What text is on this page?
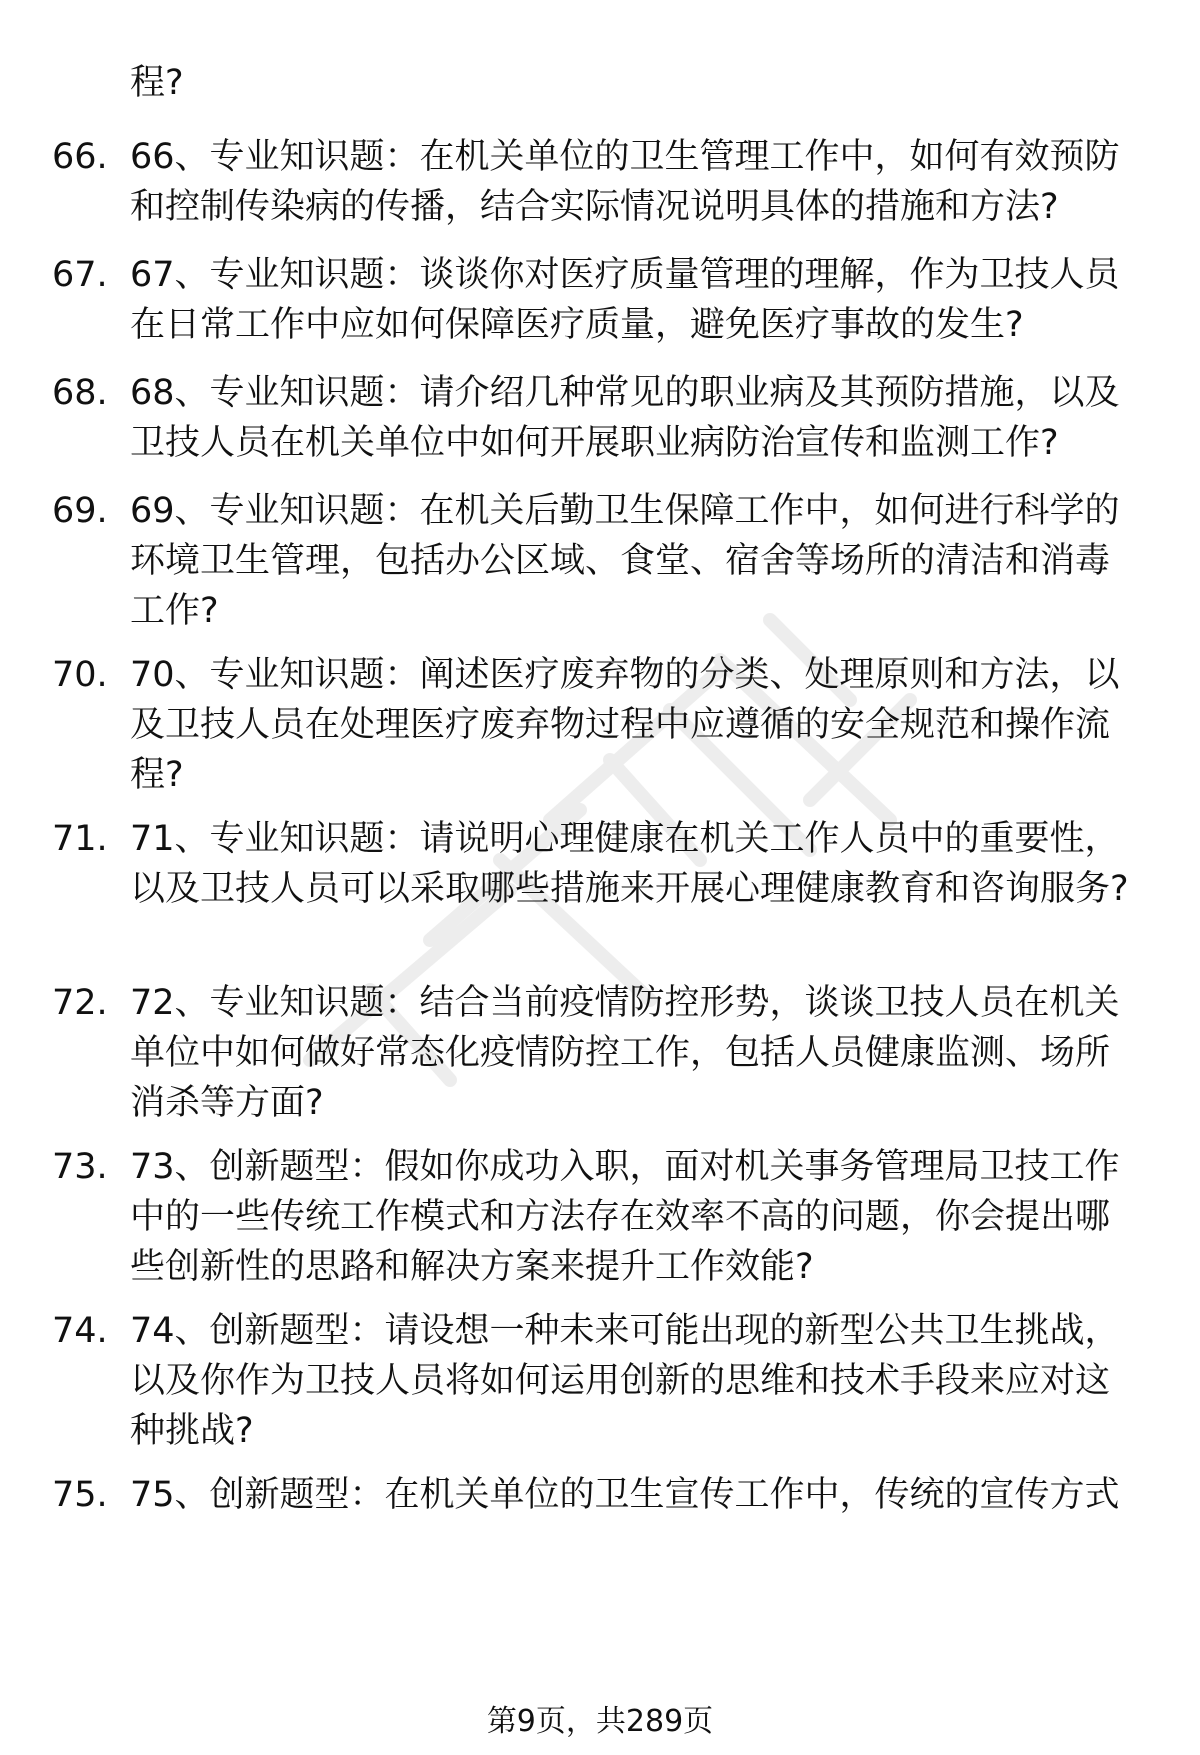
程?
66. 66、专业知识题：在机关单位的卫生管理工作中，如何有效预防和控制传染病的传播，结合实际情况说明具体的措施和方法?
67. 67、专业知识题：谈谈你对医疗质量管理的理解，作为卫技人员在日常工作中应如何保障医疗质量，避免医疗事故的发生?
68. 68、专业知识题：请介绍几种常见的职业病及其预防措施，以及卫技人员在机关单位中如何开展职业病防治宣传和监测工作?
69. 69、专业知识题：在机关后勤卫生保障工作中，如何进行科学的环境卫生管理，包括办公区域、食堂、宿舍等场所的清洁和消毒工作?
70. 70、专业知识题：阐述医疗废弃物的分类、处理原则和方法，以及卫技人员在处理医疗废弃物过程中应遵循的安全规范和操作流程?
71. 71、专业知识题：请说明心理健康在机关工作人员中的重要性，以及卫技人员可以采取哪些措施来开展心理健康教育和咨询服务?
72. 72、专业知识题：结合当前疫情防控形势，谈谈卫技人员在机关单位中如何做好常态化疫情防控工作，包括人员健康监测、场所消杀等方面?
73. 73、创新题型：假如你成功入职，面对机关事务管理局卫技工作中的一些传统工作模式和方法存在效率不高的问题，你会提出哪些创新性的思路和解决方案来提升工作效能?
74. 74、创新题型：请设想一种未来可能出现的新型公共卫生挑战，以及你作为卫技人员将如何运用创新的思维和技术手段来应对这种挑战?
75. 75、创新题型：在机关单位的卫生宣传工作中，传统的宣传方式
第9页，共289页
